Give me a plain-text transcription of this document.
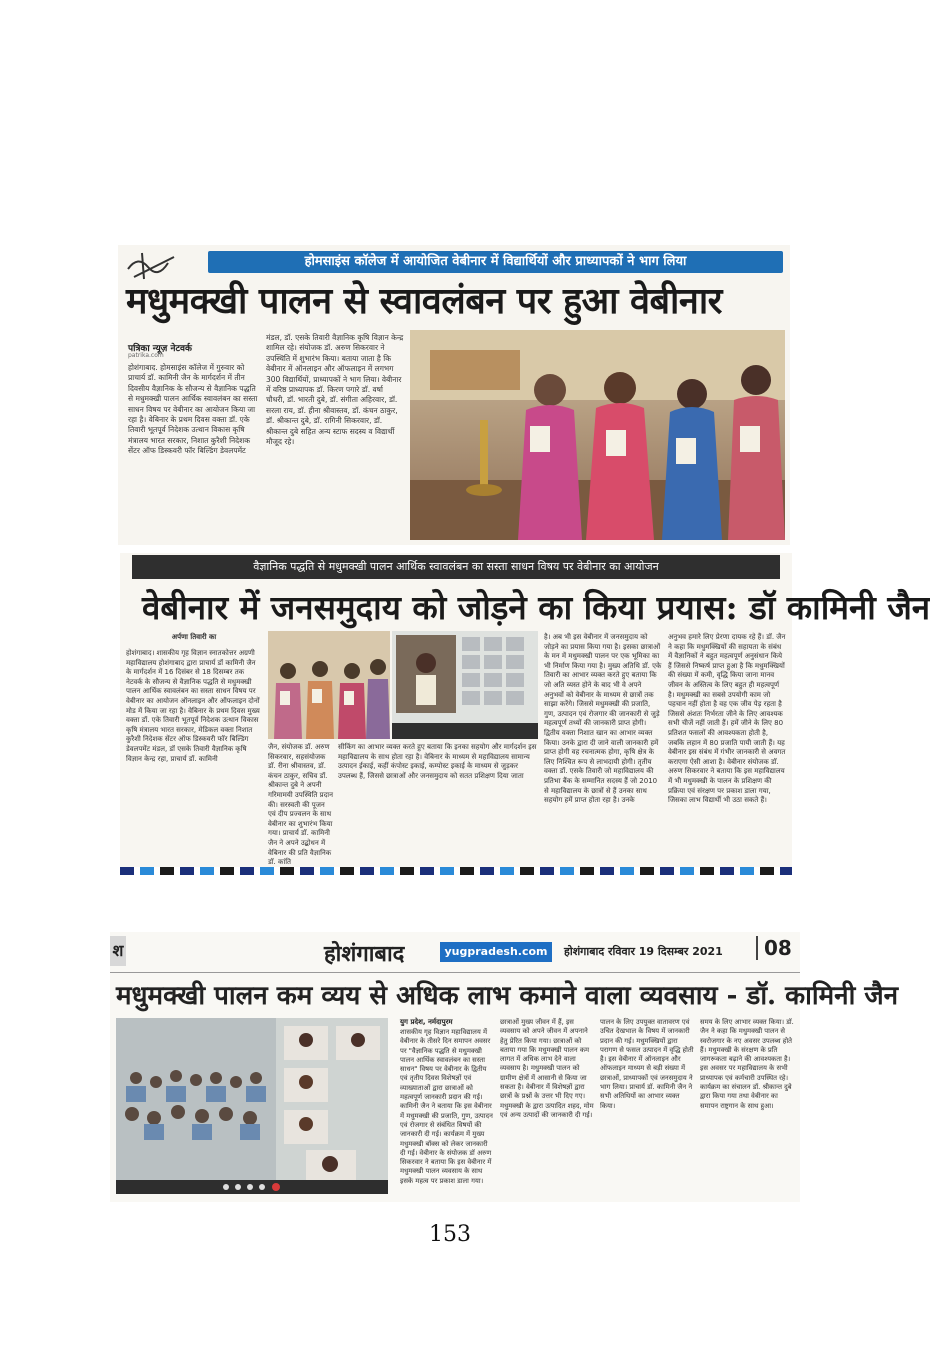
होमसाइंस कॉलेज में आयोजित वेबीनार में विद्यार्थियों और प्राध्यापकों ने भाग लिया
मधुमक्खी पालन से स्वावलंबन पर हुआ वेबीनार
पत्रिका न्यूज़ नेटवर्क
patrika.com
होशंगाबाद. होमसाइंस कॉलेज में गुरुवार को प्राचार्य डॉ. कामिनी जैन के मार्गदर्शन में तीन दिवसीय वैज्ञानिक के सौजन्य से वैज्ञानिक पद्धति से मधुमक्खी पालन आर्थिक स्वावलंबन का सस्ता साधन विषय पर वेबीनार का आयोजन किया जा रहा है। वेबिनार के प्रथम दिवस वक्ता डॉ. एके तिवारी भूतपूर्व निदेशक उत्थान विकास कृषि मंत्रालय भारत सरकार, निशात कुरैशी निदेशक सेंटर ऑफ डिस्कवरी फॉर बिल्डिंग डेवलपमेंट
मंडल, डॉ. एसके तिवारी वैज्ञानिक कृषि विज्ञान केन्द्र शामिल रहे। संयोजक डॉ. अरुण सिकरवार ने उपस्थिति में शुभारंभ किया। बताया जाता है कि वेबीनार में ऑनलाइन और ऑफलाइन में लगभग 300 विद्यार्थियों, प्राध्यापकों ने भाग लिया। वेबीनार में वरिष्ठ प्राध्यापक डॉ. किरण पगारे डॉ. वर्षा चौधरी, डॉ. भारती दुबे, डॉ. संगीता अहिरवार, डॉ. सरला राय, डॉ. हीना श्रीवास्तव, डॉ. कंचन ठाकुर, डॉ. श्रीकान्त दुबे, डॉ. रागिनी सिकरवार, डॉ. श्रीकान्त दुबे सहित अन्य स्टाफ सदस्य व विद्यार्थी मौजूद रहे।
वैज्ञानिक पद्धति से मधुमक्खी पालन आर्थिक स्वावलंबन का सस्ता साधन विषय पर वेबीनार का आयोजन
वेबीनार में जनसमुदाय को जोड़ने का किया प्रयास: डॉ कामिनी जैन
अर्पणा तिवारी का
होशंगाबाद। शासकीय गृह विज्ञान स्नातकोत्तर अग्रणी महाविद्यालय होशंगाबाद द्वारा प्राचार्य डॉ कामिनी जैन के मार्गदर्शन में 16 दिसंबर से 18 दिसम्बर तक नेटवर्क के सौजन्य से वैज्ञानिक पद्धति से मधुमक्खी पालन आर्थिक स्वावलंबन का सस्ता साधन विषय पर वेबीनार का आयोजन ऑनलाइन और ऑफलाइन दोनों मोड में किया जा रहा है। वेबिनार के प्रथम दिवस मुख्य वक्ता डॉ. एके तिवारी भूतपूर्व निदेशक उत्थान विकास कृषि मंत्रालय भारत सरकार, मेडिकल वक्ता निशात कुरैशी निदेशक सेंटर ऑफ डिस्कवरी फॉर बिल्डिंग डेवलपमेंट मंडल, डॉ एसके तिवारी वैज्ञानिक कृषि विज्ञान केन्द्र रहा, प्राचार्य डॉ. कामिनी
जैन, संयोजक डॉ. अरुण सिकरवार, सहसंयोजक डॉ. रीना श्रीवास्तव, डॉ. कंचन ठाकुर, सचिव डॉ. श्रीकान्त दुबे ने अपनी गरिमामयी उपस्थिति प्रदान की। सरस्वती की पूजन एवं दीप प्रज्वलन के साथ वेबीनार का शुभारंभ किया गया। प्राचार्य डॉ. कामिनी जैन ने अपने उद्बोधन में वेबिनार की प्रति वैज्ञानिक डॉ. कांति
सीकिंग का आभार व्यक्त करते हुए बताया कि इनका सहयोग और मार्गदर्शन इस महाविद्यालय के साथ होता रहा है। वेबिनार के माध्यम से महाविद्यालय सामान्य उत्पादन ईकाई, कहीं कंपोस्ट इकाई, कम्पोस्ट इकाई के माध्यम से जुड़कर उपलब्ध हैं, जिससे छात्राओं और जनसमुदाय को सतत प्रशिक्षण दिया जाता
है। अब भी इस वेबीनार में जनसमुदाय को जोड़ने का प्रयास किया गया है। इसका छात्राओं के मन में मधुमक्खी पालन पर एक भूमिका का भी निर्माण किया गया है। मुख्य अतिथि डॉ. एके तिवारी का आभार व्यक्त करते हुए बताया कि जो अति व्यस्त होने के बाद भी वे अपने अनुभवों को वेबीनार के माध्यम से छात्रों तक साझा करेंगे। जिससे मधुमक्खी की प्रजाति, गुण, उत्पादन एवं रोजगार की जानकारी से जुड़े महत्वपूर्ण तथ्यों की जानकारी प्राप्त होगी। द्वितीय वक्ता निशात खान का आभार व्यक्त किया। उनके द्वारा दी जाने वाली जानकारी हमें प्राप्त होगी वह रचनात्मक होगा, कृषि क्षेत्र के लिए निश्चित रूप से लाभदायी होगी। तृतीय वक्ता डॉ. एसके तिवारी जो महाविद्यालय की प्रतिभा बैंक के सम्मानित सदस्य हैं जो 2010 से महाविद्यालय के छात्रों से हैं उनका साथ सहयोग हमें प्राप्त होता रहा है। उनके
अनुभव हमारे लिए प्रेरणा दायक रहे हैं। डॉ. जैन ने कहा कि मधुमक्खियों की सहायता के संबंध में वैज्ञानिकों ने बहुत महत्वपूर्ण अनुसंधान किये हैं जिससे निष्कर्ष प्राप्त हुआ है कि मधुमक्खियों की संख्या में कमी, वृद्धि किया जाना मानव जीवन के अस्तित्व के लिए बहुत ही महत्वपूर्ण है। मधुमक्खी का सबसे उपयोगी काम जो पहचान नहीं होता है वह एक जीव पेड़ रहता है जिससे अंशतः निर्भरता जीने के लिए आवश्यक सभी चीजें नहीं जाती हैं। हमें जीने के लिए 80 प्रतिशत फसलों की आवश्यकता होती है, जबकि लहान में 80 प्रजाति पायी जाती हैं। यह वेबीनार इस संबंध में गंभीर जानकारी से अवगत कराएगा ऐसी आशा है। वेबीनार संयोजक डॉ. अरुण सिकरवार ने बताया कि इस महाविद्यालय में भी मधुमक्खी के पालन के प्रशिक्षण की प्रक्रिया एवं संरक्षण पर प्रकाश डाला गया, जिसका लाभ विद्यार्थी भी उठा सकते हैं।
श	होशंगाबाद	yugpradesh.com	होशंगाबाद रविवार 19 दिसम्बर 2021	08
मधुमक्खी पालन कम व्यय से अधिक लाभ कमाने वाला व्यवसाय - डॉ. कामिनी जैन
युग प्रदेश, नर्मदापुरम
शासकीय गृह विज्ञान महाविद्यालय में वेबीनार के तीसरे दिन समापन अवसर पर "वैज्ञानिक पद्धति से मधुमक्खी पालन आर्थिक स्वावलंबन का सस्ता साधन" विषय पर वेबीनार के द्वितीय एवं तृतीय दिवस विशेषज्ञों एवं व्याख्याताओं द्वारा छात्राओं को महत्वपूर्ण जानकारी प्रदान की गई। कामिनी जैन ने बताया कि इस वेबीनार में मधुमक्खी की प्रजाति, गुण, उत्पादन एवं रोजगार से संबंधित विषयों की जानकारी दी गई। कार्यक्रम में मुख्य मधुमक्खी बॉक्स को लेकर जानकारी दी गई। वेबीनार के संयोजक डॉ अरुण सिकरवार ने बताया कि इस वेबीनार में मधुमक्खी पालन व्यवसाय के साथ इसके महत्व पर प्रकाश डाला गया।
छात्राओं मुख्य जीवन में हैं, इस व्यवसाय को अपने जीवन में अपनाने हेतु प्रेरित किया गया। छात्राओं को बताया गया कि मधुमक्खी पालन कम लागत में अधिक लाभ देने वाला व्यवसाय है। मधुमक्खी पालन को ग्रामीण क्षेत्रों में आसानी से किया जा सकता है। वेबीनार में विशेषज्ञों द्वारा छात्रों के प्रश्नों के उत्तर भी दिए गए। मधुमक्खी के द्वारा उत्पादित शहद, मोम एवं अन्य उत्पादों की जानकारी दी गई।
पालन के लिए उपयुक्त वातावरण एवं उचित देखभाल के विषय में जानकारी प्रदान की गई। मधुमक्खियों द्वारा परागण से फसल उत्पादन में वृद्धि होती है। इस वेबीनार में ऑनलाइन और ऑफलाइन माध्यम से बड़ी संख्या में छात्राओं, प्राध्यापकों एवं जनसमुदाय ने भाग लिया। प्राचार्य डॉ. कामिनी जैन ने सभी अतिथियों का आभार व्यक्त किया।
समय के लिए आभार व्यक्त किया। डॉ. जैन ने कहा कि मधुमक्खी पालन से स्वरोजगार के नए अवसर उपलब्ध होते हैं। मधुमक्खी के संरक्षण के प्रति जागरूकता बढ़ाने की आवश्यकता है। इस अवसर पर महाविद्यालय के सभी प्राध्यापक एवं कर्मचारी उपस्थित रहे। कार्यक्रम का संचालन डॉ. श्रीकान्त दुबे द्वारा किया गया तथा वेबीनार का समापन राष्ट्रगान के साथ हुआ।
153
